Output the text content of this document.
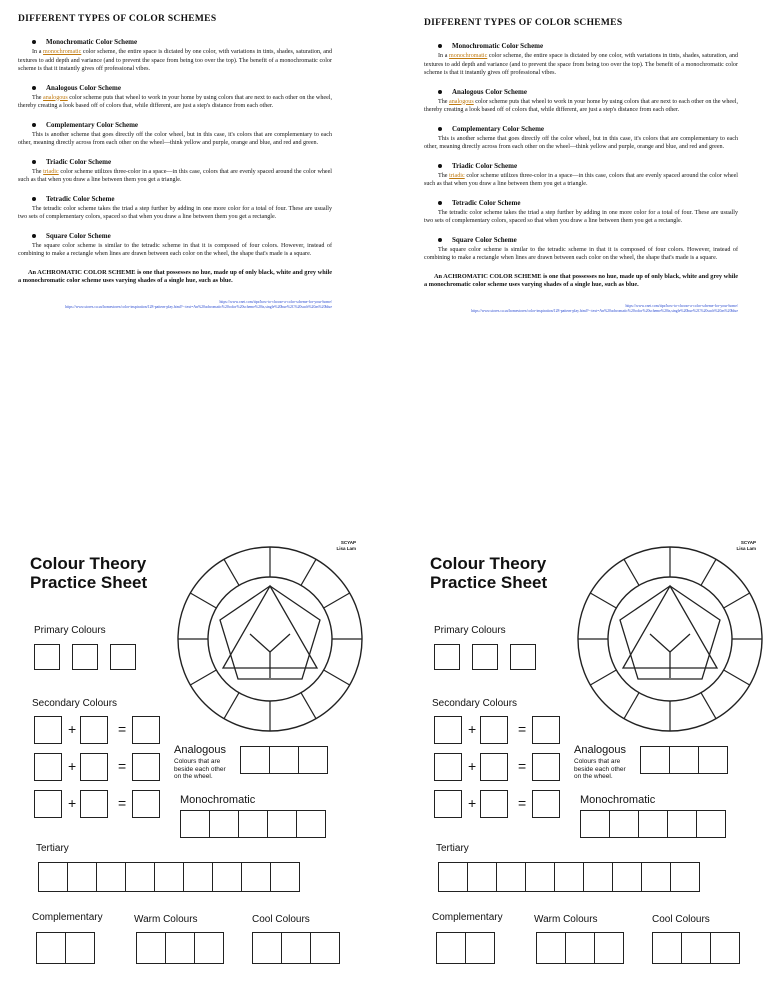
DIFFERENT TYPES OF COLOR SCHEMES
Monochromatic Color Scheme
In a monochromatic color scheme, the entire space is dictated by one color, with variations in tints, shades, saturation, and textures to add depth and variance (and to prevent the space from being too over the top). The benefit of a monochromatic color scheme is that it instantly gives off professional vibes.
Analogous Color Scheme
The analogous color scheme puts that wheel to work in your home by using colors that are next to each other on the wheel, thereby creating a look based off of colors that, while different, are just a step's distance from each other.
Complementary Color Scheme
This is another scheme that goes directly off the color wheel, but in this case, it's colors that are complementary to each other, meaning directly across from each other on the wheel—think yellow and purple, orange and blue, and red and green.
Triadic Color Scheme
The triadic color scheme utilizes three-color in a space—in this case, colors that are evenly spaced around the color wheel such as that when you draw a line between them you get a triangle.
Tetradic Color Scheme
The tetradic color scheme takes the triad a step further by adding in one more color for a total of four. These are usually two sets of complementary colors, spaced so that when you draw a line between them you get a rectangle.
Square Color Scheme
The square color scheme is similar to the tetradic scheme in that it is composed of four colors. However, instead of combining to make a rectangle when lines are drawn between each color on the wheel, the shape that's made is a square.

An ACHROMATIC COLOR SCHEME is one that possesses no hue, made up of only black, white and grey while a monochromatic color scheme uses varying shades of a single hue, such as blue.

https://www.cnet.com/tips/how-to-choose-a-color-scheme-for-your-home/
https://www.stores.ca.us/homestores/color-inspiration/128-pattern-play.html?~:text=An%20achromatic%20color%20scheme%20is,single%20hue%2C%20such%20as%20blue
DIFFERENT TYPES OF COLOR SCHEMES
Monochromatic Color Scheme
In a monochromatic color scheme, the entire space is dictated by one color, with variations in tints, shades, saturation, and textures to add depth and variance (and to prevent the space from being too over the top). The benefit of a monochromatic color scheme is that it instantly gives off professional vibes.
Analogous Color Scheme
The analogous color scheme puts that wheel to work in your home by using colors that are next to each other on the wheel, thereby creating a look based off of colors that, while different, are just a step's distance from each other.
Complementary Color Scheme
This is another scheme that goes directly off the color wheel, but in this case, it's colors that are complementary to each other, meaning directly across from each other on the wheel—think yellow and purple, orange and blue, and red and green.
Triadic Color Scheme
The triadic color scheme utilizes three-color in a space—in this case, colors that are evenly spaced around the color wheel such as that when you draw a line between them you get a triangle.
Tetradic Color Scheme
The tetradic color scheme takes the triad a step further by adding in one more color for a total of four. These are usually two sets of complementary colors, spaced so that when you draw a line between them you get a rectangle.
Square Color Scheme
The square color scheme is similar to the tetradic scheme in that it is composed of four colors. However, instead of combining to make a rectangle when lines are drawn between each color on the wheel, the shape that's made is a square.

An ACHROMATIC COLOR SCHEME is one that possesses no hue, made up of only black, white and grey while a monochromatic color scheme uses varying shades of a single hue, such as blue.

https://www.cnet.com/tips/how-to-choose-a-color-scheme-for-your-home/
https://www.stores.ca.us/homestores/color-inspiration/128-pattern-play.html?~:text=An%20achromatic%20color%20scheme%20is,single%20hue%2C%20such%20as%20blue
SCYAP
Lisa Lam
Colour Theory
Practice Sheet
Primary Colours
Secondary Colours
+	=
+	=
+	=
Analogous
Colours that are
beside each other
on the wheel.
Monochromatic
Tertiary
Complementary	Warm Colours	Cool Colours
SCYAP
Lisa Lam
Colour Theory
Practice Sheet
Primary Colours
Secondary Colours
+	=
+	=
+	=
Analogous
Colours that are
beside each other
on the wheel.
Monochromatic
Tertiary
Complementary	Warm Colours	Cool Colours
